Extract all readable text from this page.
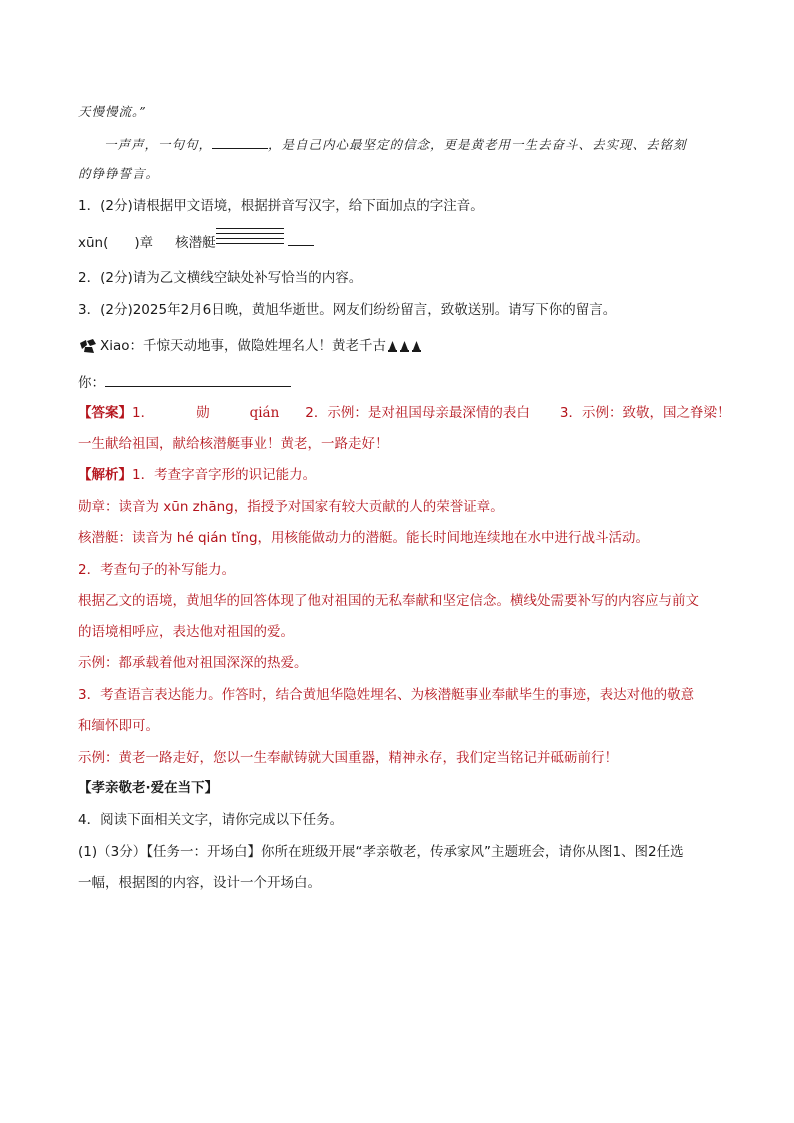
天慢慢流。”
一声声，一句句，	，是自己内心最坚定的信念，更是黄老用一生去奋斗、去实现、去铭刻
的铮铮誓言。
1．(2分)请根据甲文语境，根据拼音写汉字，给下面加点的字注音。
xūn( )章 核潜艇
2．(2分)请为乙文横线空缺处补写恰当的内容。
3．(2分)2025年2月6日晚，黄旭华逝世。网友们纷纷留言，致敬送别。请写下你的留言。
Xiao：千惊天动地事，做隐姓埋名人！黄老千古
你：
【答案】1．	勋	qián 2．示例：是对祖国母亲最深情的表白 3．示例：致敬，国之脊梁！
一生献给祖国，献给核潜艇事业！黄老，一路走好！
【解析】1．考查字音字形的识记能力。
勋章：读音为 xūn zhāng，指授予对国家有较大贡献的人的荣誉证章。
核潜艇：读音为 hé qián tǐng，用核能做动力的潜艇。能长时间地连续地在水中进行战斗活动。
2．考查句子的补写能力。
根据乙文的语境，黄旭华的回答体现了他对祖国的无私奉献和坚定信念。横线处需要补写的内容应与前文
的语境相呼应，表达他对祖国的爱。
示例：都承载着他对祖国深深的热爱。
3．考查语言表达能力。作答时，结合黄旭华隐姓埋名、为核潜艇事业奉献毕生的事迹，表达对他的敬意
和缅怀即可。
示例：黄老一路走好，您以一生奉献铸就大国重器，精神永存，我们定当铭记并砥砺前行！
【孝亲敬老·爱在当下】
4．阅读下面相关文字，请你完成以下任务。
(1)（3分）【任务一：开场白】你所在班级开展“孝亲敬老，传承家风”主题班会，请你从图1、图2任选
一幅，根据图的内容，设计一个开场白。
